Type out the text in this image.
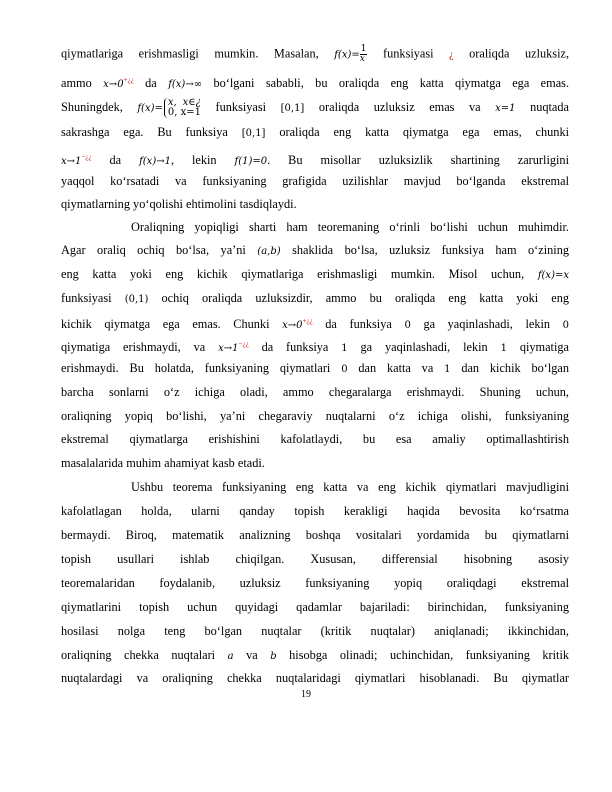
qiymatlariga erishmasligi mumkin. Masalan, $f(x)= \frac{1}{x}$ funksiyasi ¿ oraliqda uzluksiz,
ammo x→0+¿¿ da f(x)→∞ bo‘lgani sababli, bu oraliqda eng katta qiymatga ega emas.
Shuningdek, f(x)=
x, x∈¿
0, x=1 funksiyasi [0,1] oraliqda uzluksiz emas va x=1 nuqtada
sakrashga ega. Bu funksiya [0,1] oraliqda eng katta qiymatga ega emas, chunki
x→1−¿¿ da f(x)→1, lekin f(1)=0. Bu misollar uzluksizlik shartining zarurligini
yaqqol ko‘rsatadi va funksiyaning grafigida uzilishlar mavjud bo‘lganda ekstremal
qiymatlarning yo‘qolishi ehtimolini tasdiqlaydi.
Oraliqning yopiqligi sharti ham teoremaning o‘rinli bo‘lishi uchun muhimdir.
Agar oraliq ochiq bo‘lsa, ya’ni (a,b) shaklida bo‘lsa, uzluksiz funksiya ham o‘zining
eng katta yoki eng kichik qiymatlariga erishmasligi mumkin. Misol uchun, f(x)=x
funksiyasi (0,1) ochiq oraliqda uzluksizdir, ammo bu oraliqda eng katta yoki eng
kichik qiymatga ega emas. Chunki x→0+¿¿ da funksiya 0 ga yaqinlashadi, lekin 0
qiymatiga erishmaydi, va x→1−¿¿ da funksiya 1 ga yaqinlashadi, lekin 1 qiymatiga
erishmaydi. Bu holatda, funksiyaning qiymatlari 0 dan katta va 1 dan kichik bo‘lgan
barcha sonlarni o‘z ichiga oladi, ammo chegaralarga erishmaydi. Shuning uchun,
oraliqning yopiq bo‘lishi, ya’ni chegaraviy nuqtalarni o‘z ichiga olishi, funksiyaning
ekstremal qiymatlarga erishishini kafolatlaydi, bu esa amaliy optimallashtirish
masalalarida muhim ahamiyat kasb etadi.
Ushbu teorema funksiyaning eng katta va eng kichik qiymatlari mavjudligini
kafolatlagan holda, ularni qanday topish kerakligi haqida bevosita ko‘rsatma
bermaydi. Biroq, matematik analizning boshqa vositalari yordamida bu qiymatlarni
topish usullari ishlab chiqilgan. Xususan, differensial hisobning asosiy
teoremalaridan foydalanib, uzluksiz funksiyaning yopiq oraliqdagi ekstremal
qiymatlarini topish uchun quyidagi qadamlar bajariladi: birinchidan, funksiyaning
hosilasi nolga teng bo‘lgan nuqtalar (kritik nuqtalar) aniqlanadi; ikkinchidan,
oraliqning chekka nuqtalari a va b hisobga olinadi; uchinchidan, funksiyaning kritik
nuqtalardagi va oraliqning chekka nuqtalaridagi qiymatlari hisoblanadi. Bu qiymatlar
19
